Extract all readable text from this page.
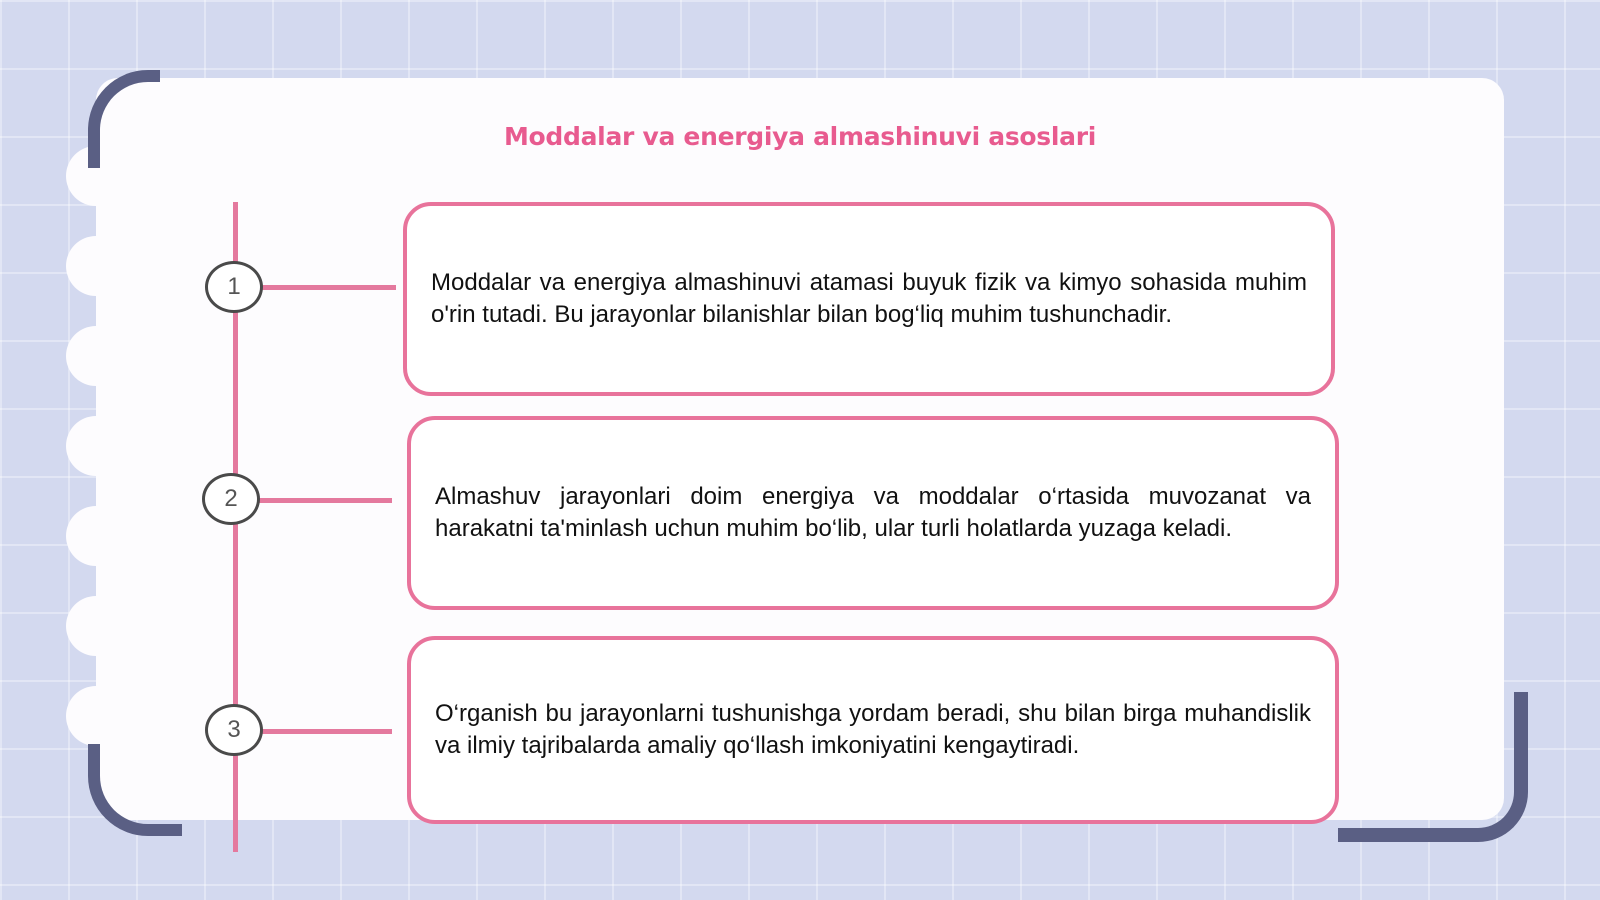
Moddalar va energiya almashinuvi asoslari
1
2
3

Moddalar va energiya almashinuvi atamasi buyuk fizik va kimyo sohasida muhim o'rin tutadi. Bu jarayonlar bilanishlar bilan bog‘liq muhim tushunchadir.

Almashuv jarayonlari doim energiya va moddalar o‘rtasida muvozanat va harakatni ta'minlash uchun muhim bo‘lib, ular turli holatlarda yuzaga keladi.

O‘rganish bu jarayonlarni tushunishga yordam beradi, shu bilan birga muhandislik va ilmiy tajribalarda amaliy qo‘llash imkoniyatini kengaytiradi.
